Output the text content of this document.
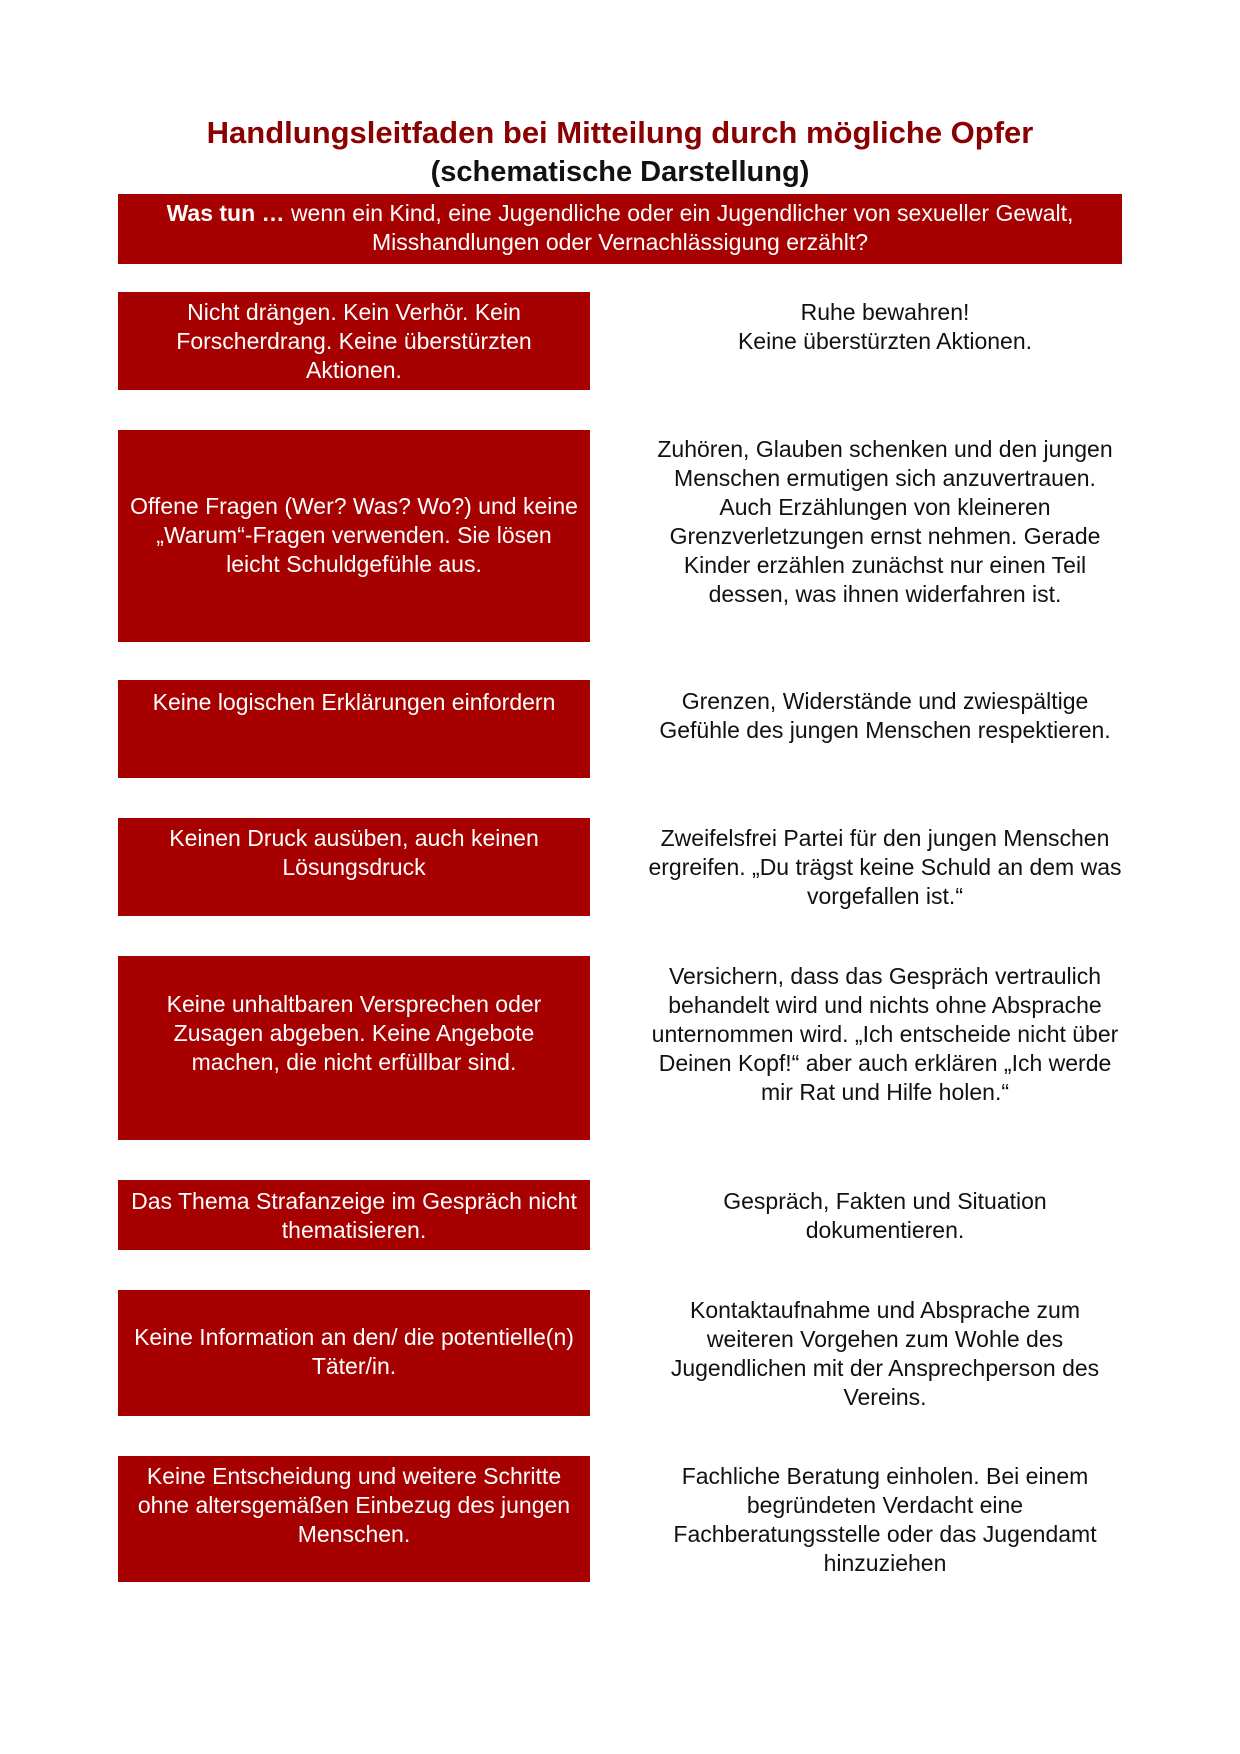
Handlungsleitfaden bei Mitteilung durch mögliche Opfer
(schematische Darstellung)
Was tun … wenn ein Kind, eine Jugendliche oder ein Jugendlicher von sexueller Gewalt, Misshandlungen oder Vernachlässigung erzählt?
Nicht drängen. Kein Verhör. Kein Forscherdrang. Keine überstürzten Aktionen.
Ruhe bewahren!
Keine überstürzten Aktionen.
Offene Fragen (Wer? Was? Wo?) und keine „Warum“-Fragen verwenden. Sie lösen leicht Schuldgefühle aus.
Zuhören, Glauben schenken und den jungen Menschen ermutigen sich anzuvertrauen. Auch Erzählungen von kleineren Grenzverletzungen ernst nehmen. Gerade Kinder erzählen zunächst nur einen Teil dessen, was ihnen widerfahren ist.
Keine logischen Erklärungen einfordern	Grenzen, Widerstände und zwiespältige Gefühle des jungen Menschen respektieren.
Keinen Druck ausüben, auch keinen Lösungsdruck
Zweifelsfrei Partei für den jungen Menschen ergreifen. „Du trägst keine Schuld an dem was vorgefallen ist.“
Keine unhaltbaren Versprechen oder Zusagen abgeben. Keine Angebote machen, die nicht erfüllbar sind.
Versichern, dass das Gespräch vertraulich behandelt wird und nichts ohne Absprache unternommen wird. „Ich entscheide nicht über Deinen Kopf!“ aber auch erklären „Ich werde mir Rat und Hilfe holen.“
Das Thema Strafanzeige im Gespräch nicht thematisieren.
Gespräch, Fakten und Situation dokumentieren.
Keine Information an den/ die potentielle(n) Täter/in.
Kontaktaufnahme und Absprache zum weiteren Vorgehen zum Wohle des Jugendlichen mit der Ansprechperson des Vereins.
Keine Entscheidung und weitere Schritte ohne altersgemäßen Einbezug des jungen Menschen.
Fachliche Beratung einholen. Bei einem begründeten Verdacht eine Fachberatungsstelle oder das Jugendamt hinzuziehen
